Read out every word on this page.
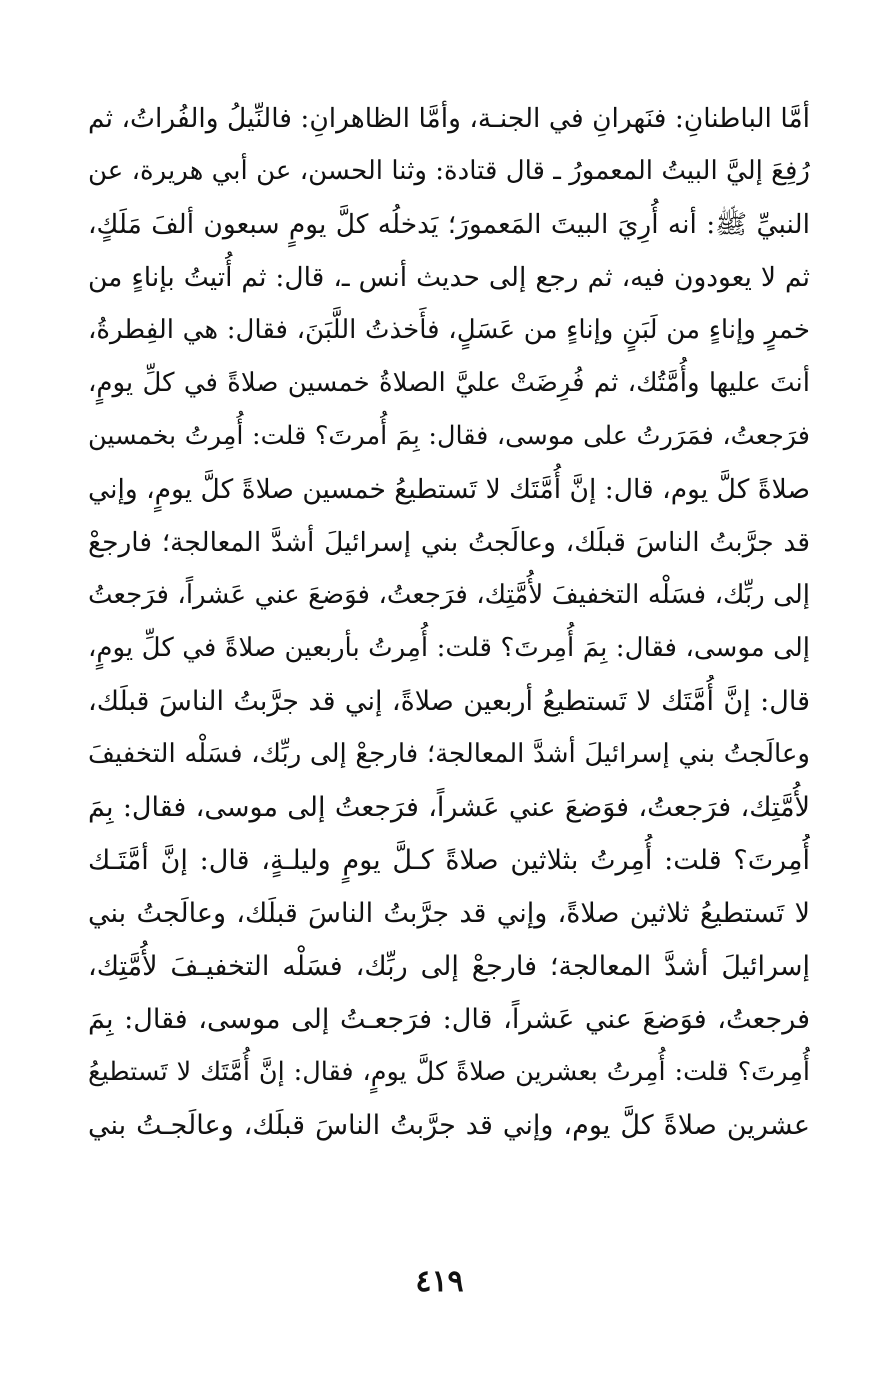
أمَّا الباطنانِ: فنَهرانِ في الجنـة، وأمَّا الظاهرانِ: فالنِّيلُ والفُراتُ، ثم
رُفِعَ إليَّ البيتُ المعمورُ ـ قال قتادة: وثنا الحسن، عن أبي هريرة، عن
النبيِّ ﷺ: أنه أُرِيَ البيتَ المَعمورَ؛ يَدخلُه كلَّ يومٍ سبعون ألفَ مَلَكٍ،
ثم لا يعودون فيه، ثم رجع إلى حديث أنس ـ، قال: ثم أُتيتُ بإناءٍ من
خمرٍ وإناءٍ من لَبَنٍ وإناءٍ من عَسَلٍ، فأَخذتُ اللَّبَنَ، فقال: هي الفِطرةُ،
أنتَ عليها وأُمَّتُك، ثم فُرِضَتْ عليَّ الصلاةُ خمسين صلاةً في كلِّ يومٍ،
فرَجعتُ، فمَرَرتُ على موسى، فقال: بِمَ أُمرتَ؟ قلت: أُمِرتُ بخمسين
صلاةً كلَّ يوم، قال: إنَّ أُمَّتَك لا تَستطيعُ خمسين صلاةً كلَّ يومٍ، وإني
قد جرَّبتُ الناسَ قبلَك، وعالَجتُ بني إسرائيلَ أشدَّ المعالجة؛ فارجعْ
إلى ربِّك، فسَلْه التخفيفَ لأُمَّتِك، فرَجعتُ، فوَضعَ عني عَشراً، فرَجعتُ
إلى موسى، فقال: بِمَ أُمِرتَ؟ قلت: أُمِرتُ بأربعين صلاةً في كلِّ يومٍ،
قال: إنَّ أُمَّتَك لا تَستطيعُ أربعين صلاةً، إني قد جرَّبتُ الناسَ قبلَك،
وعالَجتُ بني إسرائيلَ أشدَّ المعالجة؛ فارجعْ إلى ربِّك، فسَلْه التخفيفَ
لأُمَّتِك، فرَجعتُ، فوَضعَ عني عَشراً، فرَجعتُ إلى موسى، فقال: بِمَ
أُمِرتَ؟ قلت: أُمِرتُ بثلاثين صلاةً كـلَّ يومٍ وليلـةٍ، قال: إنَّ أمَّتَـك
لا تَستطيعُ ثلاثين صلاةً، وإني قد جرَّبتُ الناسَ قبلَك، وعالَجتُ بني
إسرائيلَ أشدَّ المعالجة؛ فارجعْ إلى ربِّك، فسَلْه التخفيـفَ لأُمَّتِك،
فرجعتُ، فوَضعَ عني عَشراً، قال: فرَجعـتُ إلى موسى، فقال: بِمَ
أُمِرتَ؟ قلت: أُمِرتُ بعشرين صلاةً كلَّ يومٍ، فقال: إنَّ أُمَّتَك لا تَستطيعُ
عشرين صلاةً كلَّ يوم، وإني قد جرَّبتُ الناسَ قبلَك، وعالَجـتُ بني
٤١٩
